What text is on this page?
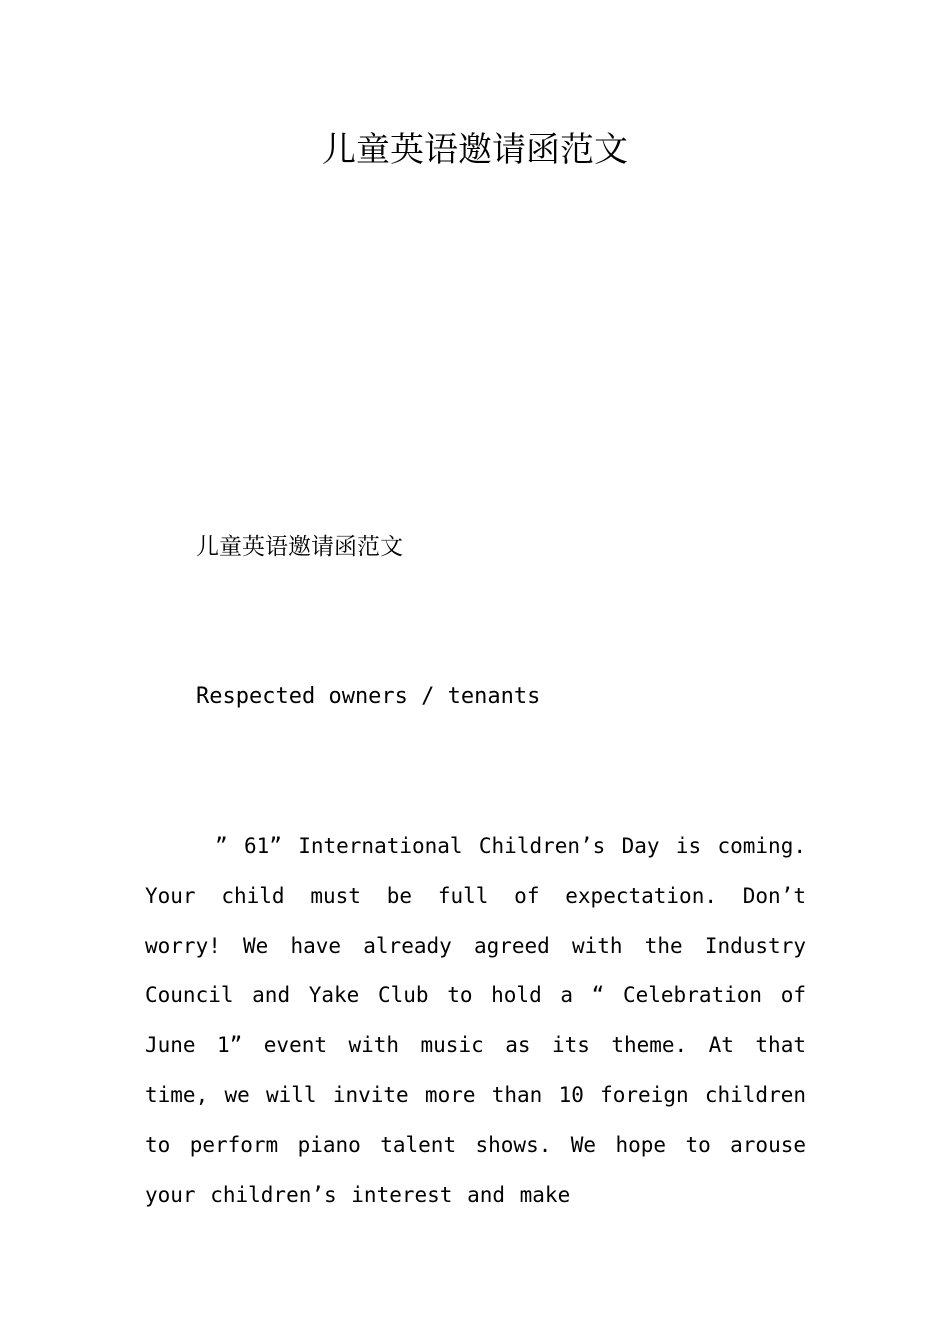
儿童英语邀请函范文

儿童英语邀请函范文

Respected owners / tenants

” 61” International Children’s Day is coming. Your child must be full of expectation. Don’t worry! We have already agreed with the Industry Council and Yake Club to hold a “ Celebration of June 1” event with music as its theme. At that time, we will invite more than 10 foreign children to perform piano talent shows. We hope to arouse your children’s interest and make
